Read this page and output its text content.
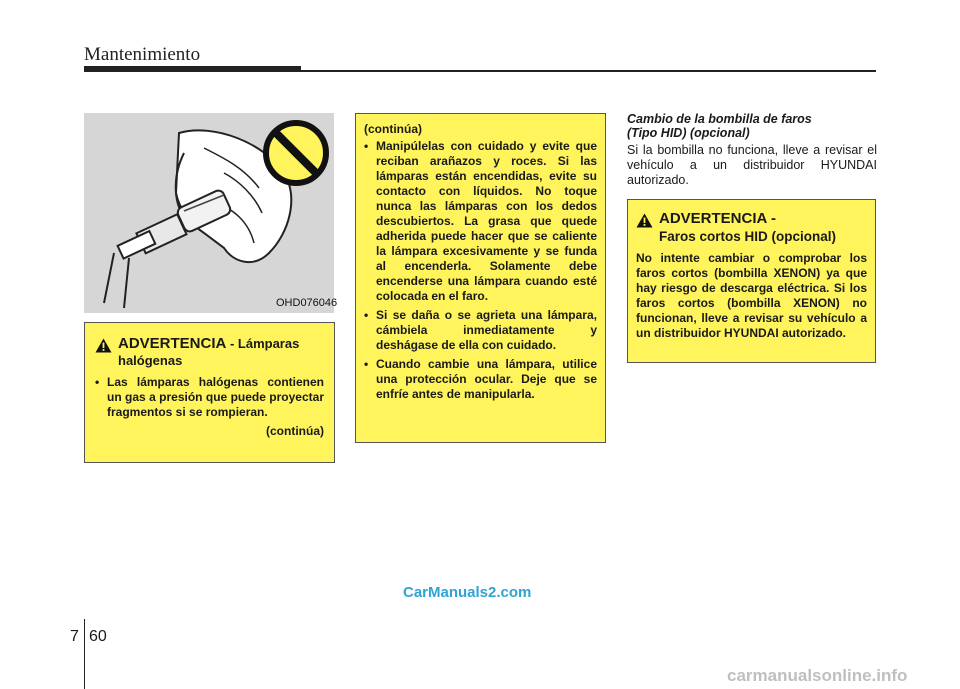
Mantenimiento
OHD076046
ADVERTENCIA - Lámparas
halógenas
• Las lámparas halógenas contienen un gas a presión que puede proyectar fragmentos si se rompieran.
(continúa)
(continúa)
• Manipúlelas con cuidado y evite que reciban arañazos y roces. Si las lámparas están encendidas, evite su contacto con líquidos. No toque nunca las lámparas con los dedos descubiertos. La grasa que quede adherida puede hacer que se caliente la lámpara excesivamente y se funda al encenderla. Solamente debe encenderse una lámpara cuando esté colocada en el faro.
• Si se daña o se agrieta una lámpara, cámbiela inmediatamente y deshágase de ella con cuidado.
• Cuando cambie una lámpara, utilice una protección ocular. Deje que se enfríe antes de manipularla.
Cambio de la bombilla de faros
(Tipo HID) (opcional)
Si la bombilla no funciona, lleve a revisar el vehículo a un distribuidor HYUNDAI autorizado.
ADVERTENCIA -
Faros cortos HID (opcional)
No intente cambiar o comprobar los faros cortos (bombilla XENON) ya que hay riesgo de descarga eléctrica. Si los faros cortos (bombilla XENON) no funcionan, lleve a revisar su vehículo a un distribuidor HYUNDAI autorizado.
CarManuals2.com
7 60
carmanualsonline.info
